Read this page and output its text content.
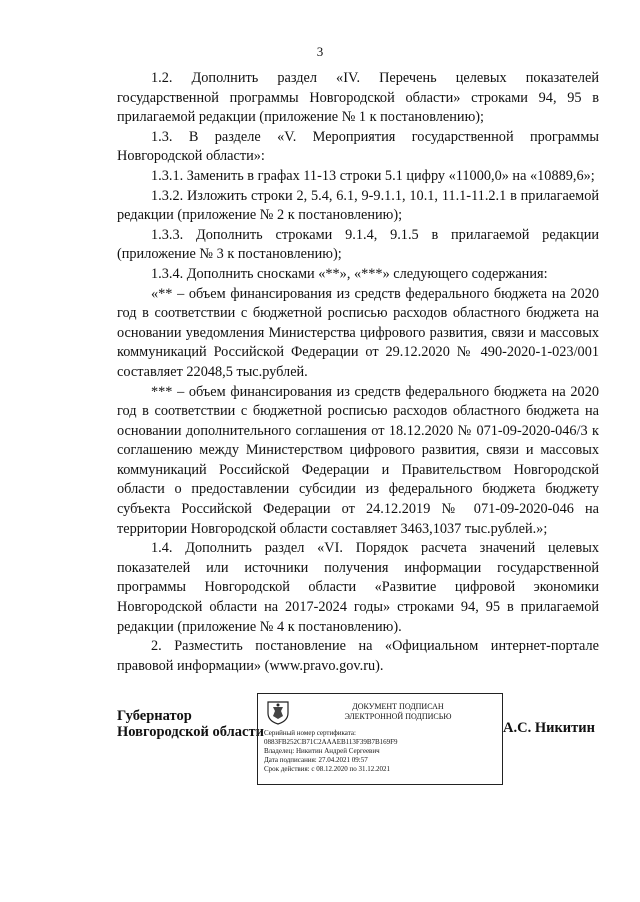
3

1.2. Дополнить раздел «IV. Перечень целевых показателей государственной программы Новгородской области» строками 94, 95 в прилагаемой редакции (приложение № 1 к постановлению);

1.3. В разделе «V. Мероприятия государственной программы Новгородской области»:

1.3.1. Заменить в графах 11-13 строки 5.1 цифру «11000,0» на «10889,6»;

1.3.2. Изложить строки 2, 5.4, 6.1, 9-9.1.1, 10.1, 11.1-11.2.1 в прилагаемой редакции (приложение № 2 к постановлению);

1.3.3. Дополнить строками 9.1.4, 9.1.5 в прилагаемой редакции (приложение № 3 к постановлению);

1.3.4. Дополнить сносками «**», «***» следующего содержания:

«** – объем финансирования из средств федерального бюджета на 2020 год в соответствии с бюджетной росписью расходов областного бюджета на основании уведомления Министерства цифрового развития, связи и массовых коммуникаций Российской Федерации от 29.12.2020 № 490-2020-1-023/001 составляет 22048,5 тыс.рублей.

*** – объем финансирования из средств федерального бюджета на 2020 год в соответствии с бюджетной росписью расходов областного бюджета на основании дополнительного соглашения от 18.12.2020 № 071-09-2020-046/3 к соглашению между Министерством цифрового развития, связи и массовых коммуникаций Российской Федерации и Правительством Новгородской области о предоставлении субсидии из федерального бюджета бюджету субъекта Российской Федерации от 24.12.2019 № 071-09-2020-046 на территории Новгородской области составляет 3463,1037 тыс.рублей.»;

1.4. Дополнить раздел «VI. Порядок расчета значений целевых показателей или источники получения информации государственной программы Новгородской области «Развитие цифровой экономики Новгородской области на 2017-2024 годы» строками 94, 95 в прилагаемой редакции (приложение № 4 к постановлению).

2. Разместить постановление на «Официальном интернет-портале правовой информации» (www.pravo.gov.ru).

Губернатор
Новгородской области
ДОКУМЕНТ ПОДПИСАН
ЭЛЕКТРОННОЙ ПОДПИСЬЮ
Серийный номер сертификата:
0883FB252CB71C2AAAEB113F39B7B169F9
Владелец: Никитин Андрей Сергеевич
Дата подписания: 27.04.2021 09:57
Срок действия: с 08.12.2020 по 31.12.2021
А.С. Никитин
